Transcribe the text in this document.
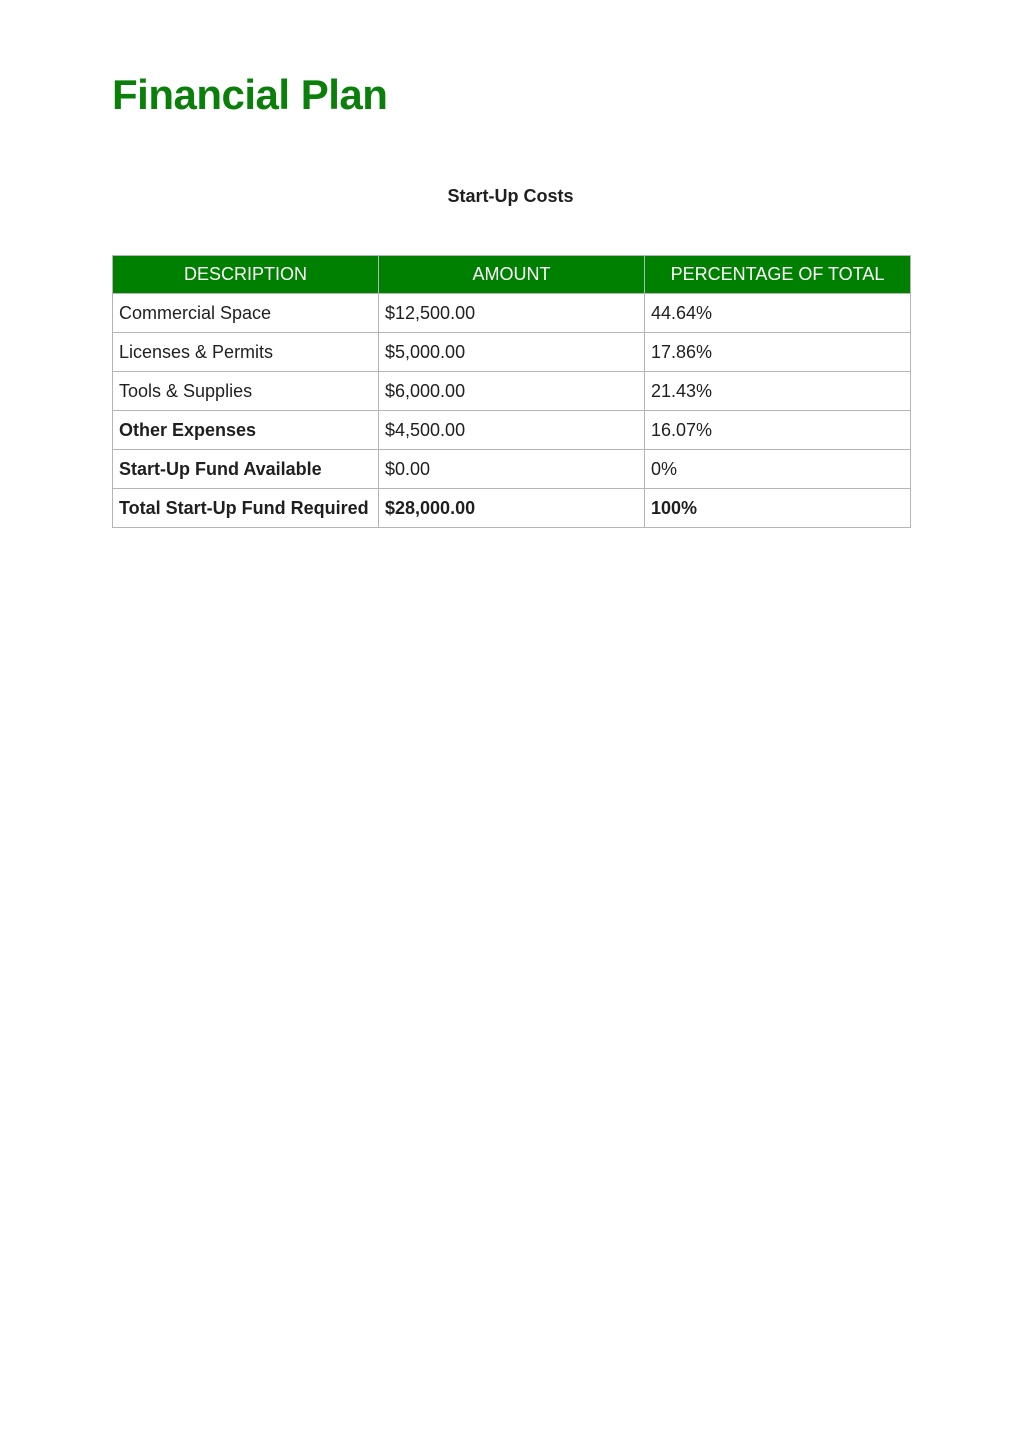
Financial Plan
Start-Up Costs
DESCRIPTION	AMOUNT	PERCENTAGE OF TOTAL
Commercial Space	$12,500.00	44.64%
Licenses & Permits	$5,000.00	17.86%
Tools & Supplies	$6,000.00	21.43%
Other Expenses	$4,500.00	16.07%
Start-Up Fund Available	$0.00	0%
Total Start-Up Fund Required	$28,000.00	100%
